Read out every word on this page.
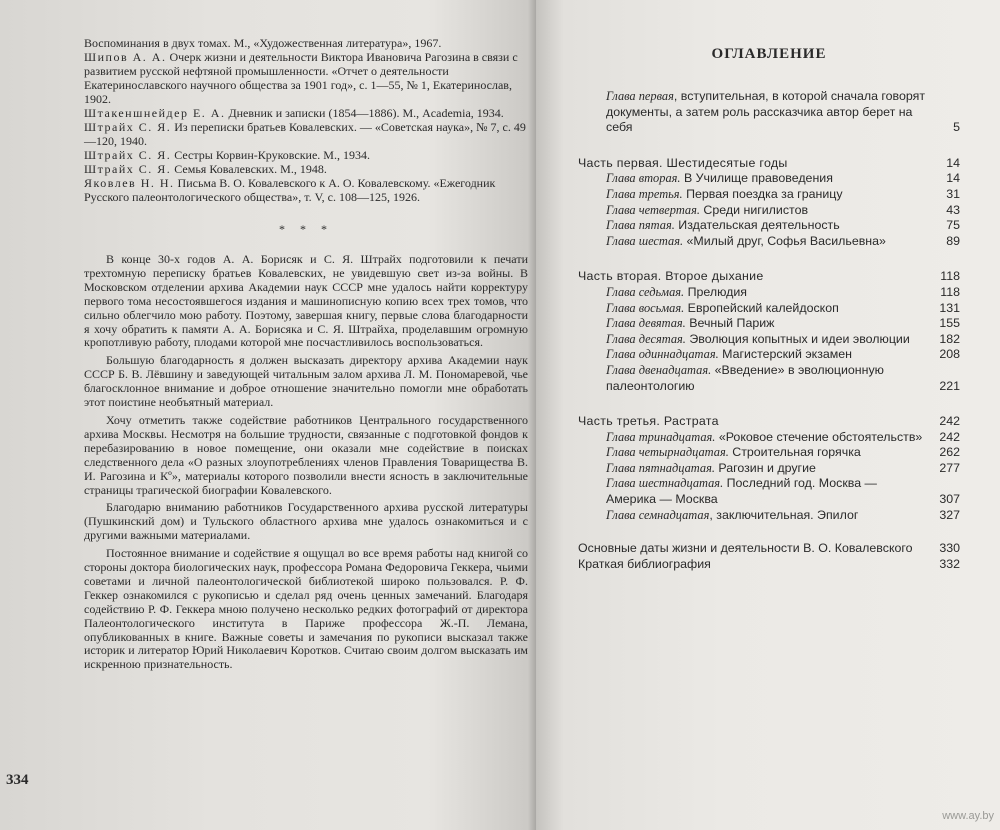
Воспоминания в двух томах. М., «Художественная литература», 1967.
Шипов А. А. Очерк жизни и деятельности Виктора Ивановича Рагозина в связи с развитием русской нефтяной промышленности. «Отчет о деятельности Екатеринославского научного общества за 1901 год», с. 1—55, № 1, Екатеринослав, 1902.
Штакеншнейдер Е. А. Дневник и записки (1854—1886). М., Academia, 1934.
Штрайх С. Я. Из переписки братьев Ковалевских. — «Советская наука», № 7, с. 49—120, 1940.
Штрайх С. Я. Сестры Корвин-Круковские. М., 1934.
Штрайх С. Я. Семья Ковалевских. М., 1948.
Яковлев Н. Н. Письма В. О. Ковалевского к А. О. Ковалевскому. «Ежегодник Русского палеонтологического общества», т. V, с. 108—125, 1926.
* * *

В конце 30-х годов А. А. Борисяк и С. Я. Штрайх подготовили к печати трехтомную переписку братьев Ковалевских, не увидевшую свет из-за войны. В Московском отделении архива Академии наук СССР мне удалось найти корректуру первого тома несостоявшегося издания и машинописную копию всех трех томов, что сильно облегчило мою работу. Поэтому, завершая книгу, первые слова благодарности я хочу обратить к памяти А. А. Борисяка и С. Я. Штрайха, проделавшим огромную кропотливую работу, плодами которой мне посчастливилось воспользоваться.

Большую благодарность я должен высказать директору архива Академии наук СССР Б. В. Лёвшину и заведующей читальным залом архива Л. М. Пономаревой, чье благосклонное внимание и доброе отношение значительно помогли мне обработать этот поистине необъятный материал.

Хочу отметить также содействие работников Центрального государственного архива Москвы. Несмотря на большие трудности, связанные с подготовкой фондов к перебазированию в новое помещение, они оказали мне содействие в поисках следственного дела «О разных злоупотреблениях членов Правления Товарищества В. И. Рагозина и Кº», материалы которого позволили внести ясность в заключительные страницы трагической биографии Ковалевского.

Благодарю вниманию работников Государственного архива русской литературы (Пушкинский дом) и Тульского областного архива мне удалось ознакомиться и с другими важными материалами.

Постоянное внимание и содействие я ощущал во все время работы над книгой со стороны доктора биологических наук, профессора Романа Федоровича Геккера, чьими советами и личной палеонтологической библиотекой широко пользовался. Р. Ф. Геккер ознакомился с рукописью и сделал ряд очень ценных замечаний. Благодаря содействию Р. Ф. Геккера мною получено несколько редких фотографий от директора Палеонтологического института в Париже профессора Ж.-П. Лемана, опубликованных в книге. Важные советы и замечания по рукописи высказал также историк и литератор Юрий Николаевич Коротков. Считаю своим долгом высказать им искренною признательность.

334
ОГЛАВЛЕНИЕ
Глава первая, вступительная, в которой сначала говорят документы, а затем роль рассказчика автор берет на себя	5
Часть первая. Шестидесятые годы	14
Глава вторая. В Училище правоведения	14
Глава третья. Первая поездка за границу	31
Глава четвертая. Среди нигилистов	43
Глава пятая. Издательская деятельность	75
Глава шестая. «Милый друг, Софья Васильевна»	89
Часть вторая. Второе дыхание	118
Глава седьмая. Прелюдия	118
Глава восьмая. Европейский калейдоскоп	131
Глава девятая. Вечный Париж	155
Глава десятая. Эволюция копытных и идеи эволюции	182
Глава одиннадцатая. Магистерский экзамен	208
Глава двенадцатая. «Введение» в эволюционную палеонтологию	221
Часть третья. Растрата	242
Глава тринадцатая. «Роковое стечение обстоятельств»	242
Глава четырнадцатая. Строительная горячка	262
Глава пятнадцатая. Рагозин и другие	277
Глава шестнадцатая. Последний год. Москва — Америка — Москва	307
Глава семнадцатая, заключительная. Эпилог	327
Основные даты жизни и деятельности В. О. Ковалевского	330
Краткая библиография	332
www.ay.by
